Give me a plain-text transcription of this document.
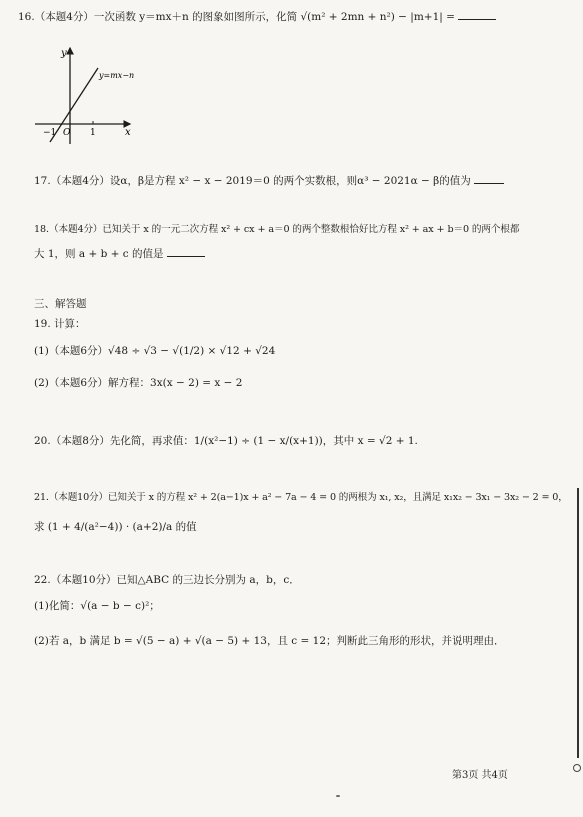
16.（本题4分）一次函数 y＝mx＋n 的图象如图所示，化简 √(m² + 2mn + n²) − |m+1| =
y
x
y=mx−n
O
−1	1
17.（本题4分）设α，β是方程 x² − x − 2019＝0 的两个实数根，则α³ − 2021α − β的值为
18.（本题4分）已知关于 x 的一元二次方程 x² + cx + a＝0 的两个整数根恰好比方程 x² + ax + b＝0 的两个根都
大 1，则 a + b + c 的值是
三、解答题
19. 计算：
(1)（本题6分）√48 ÷ √3 − √(1/2) × √12 + √24
(2)（本题6分）解方程：3x(x − 2) = x − 2
20.（本题8分）先化简，再求值：1/(x²−1) ÷ (1 − x/(x+1))，其中 x = √2 + 1.
21.（本题10分）已知关于 x 的方程 x² + 2(a−1)x + a² − 7a − 4 = 0 的两根为 x₁, x₂，且满足 x₁x₂ − 3x₁ − 3x₂ − 2 = 0，
求 (1 + 4/(a²−4)) · (a+2)/a 的值
22.（本题10分）已知△ABC 的三边长分别为 a，b，c．
(1)化简：√(a − b − c)²；
(2)若 a，b 满足 b = √(5 − a) + √(a − 5) + 13，且 c = 12；判断此三角形的形状，并说明理由．
第3页 共4页
